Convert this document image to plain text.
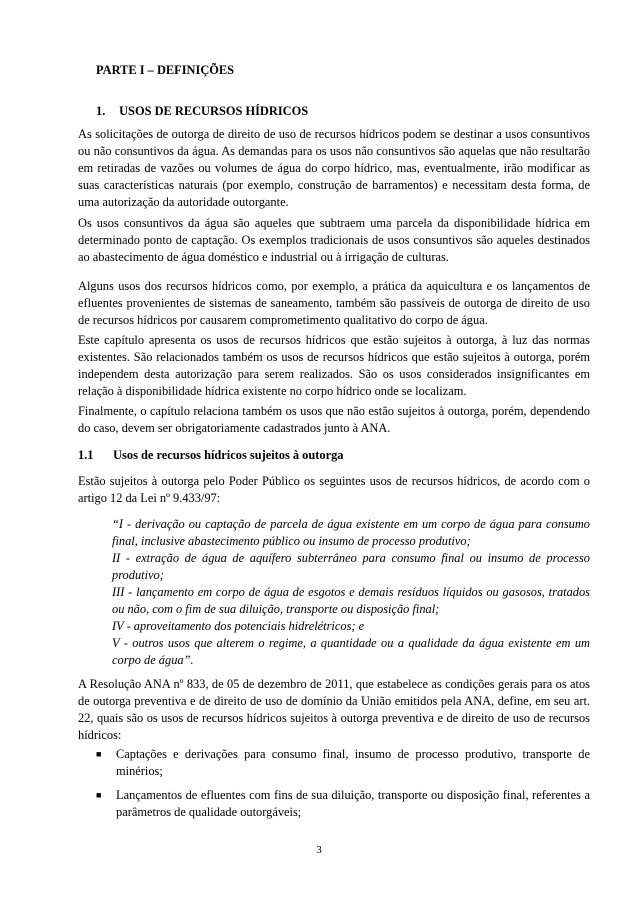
PARTE I – DEFINIÇÕES

1. USOS DE RECURSOS HÍDRICOS

As solicitações de outorga de direito de uso de recursos hídricos podem se destinar a usos consuntivos ou não consuntivos da água. As demandas para os usos não consuntivos são aquelas que não resultarão em retiradas de vazões ou volumes de água do corpo hídrico, mas, eventualmente, irão modificar as suas características naturais (por exemplo, construção de barramentos) e necessitam desta forma, de uma autorização da autoridade outorgante.

Os usos consuntivos da água são aqueles que subtraem uma parcela da disponibilidade hídrica em determinado ponto de captação. Os exemplos tradicionais de usos consuntivos são aqueles destinados ao abastecimento de água doméstico e industrial ou à irrigação de culturas.

Alguns usos dos recursos hídricos como, por exemplo, a prática da aquicultura e os lançamentos de efluentes provenientes de sistemas de saneamento, também são passíveis de outorga de direito de uso de recursos hídricos por causarem comprometimento qualitativo do corpo de água.

Este capítulo apresenta os usos de recursos hídricos que estão sujeitos à outorga, à luz das normas existentes. São relacionados também os usos de recursos hídricos que estão sujeitos à outorga, porém independem desta autorização para serem realizados. São os usos considerados insignificantes em relação à disponibilidade hídrica existente no corpo hídrico onde se localizam.

Finalmente, o capítulo relaciona também os usos que não estão sujeitos à outorga, porém, dependendo do caso, devem ser obrigatoriamente cadastrados junto à ANA.

1.1 Usos de recursos hídricos sujeitos à outorga

Estão sujeitos à outorga pelo Poder Público os seguintes usos de recursos hídricos, de acordo com o artigo 12 da Lei nº 9.433/97:

“I - derivação ou captação de parcela de água existente em um corpo de água para consumo final, inclusive abastecimento público ou insumo de processo produtivo;

II - extração de água de aquífero subterrâneo para consumo final ou insumo de processo produtivo;

III - lançamento em corpo de água de esgotos e demais resíduos líquidos ou gasosos, tratados ou não, com o fim de sua diluição, transporte ou disposição final;

IV - aproveitamento dos potenciais hidrelétricos; e

V - outros usos que alterem o regime, a quantidade ou a qualidade da água existente em um corpo de água”.

A Resolução ANA nº 833, de 05 de dezembro de 2011, que estabelece as condições gerais para os atos de outorga preventiva e de direito de uso de domínio da União emitidos pela ANA, define, em seu art. 22, quais são os usos de recursos hídricos sujeitos à outorga preventiva e de direito de uso de recursos hídricos:

■ Captações e derivações para consumo final, insumo de processo produtivo, transporte de minérios;
■ Lançamentos de efluentes com fins de sua diluição, transporte ou disposição final, referentes a parâmetros de qualidade outorgáveis;
3
